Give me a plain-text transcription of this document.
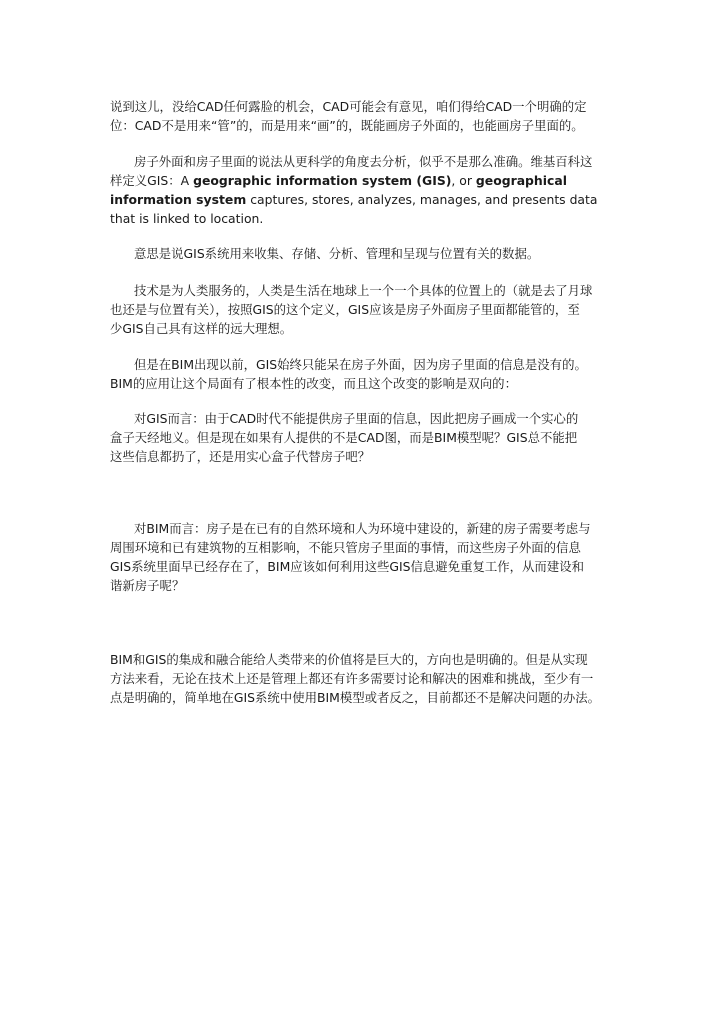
说到这儿，没给CAD任何露脸的机会，CAD可能会有意见，咱们得给CAD一个明确的定
位：CAD不是用来“管”的，而是用来“画”的，既能画房子外面的，也能画房子里面的。
房子外面和房子里面的说法从更科学的角度去分析，似乎不是那么准确。维基百科这
样定义GIS：A geographic information system (GIS), or geographical
information system captures, stores, analyzes, manages, and presents data
that is linked to location.
意思是说GIS系统用来收集、存储、分析、管理和呈现与位置有关的数据。
技术是为人类服务的，人类是生活在地球上一个一个具体的位置上的（就是去了月球
也还是与位置有关），按照GIS的这个定义，GIS应该是房子外面房子里面都能管的，至
少GIS自己具有这样的远大理想。
但是在BIM出现以前，GIS始终只能呆在房子外面，因为房子里面的信息是没有的。
BIM的应用让这个局面有了根本性的改变，而且这个改变的影响是双向的：
对GIS而言：由于CAD时代不能提供房子里面的信息，因此把房子画成一个实心的
盒子天经地义。但是现在如果有人提供的不是CAD图，而是BIM模型呢？GIS总不能把
这些信息都扔了，还是用实心盒子代替房子吧？
对BIM而言：房子是在已有的自然环境和人为环境中建设的，新建的房子需要考虑与
周围环境和已有建筑物的互相影响，不能只管房子里面的事情，而这些房子外面的信息
GIS系统里面早已经存在了，BIM应该如何利用这些GIS信息避免重复工作，从而建设和
谐新房子呢？
BIM和GIS的集成和融合能给人类带来的价值将是巨大的，方向也是明确的。但是从实现
方法来看，无论在技术上还是管理上都还有许多需要讨论和解决的困难和挑战，至少有一
点是明确的，简单地在GIS系统中使用BIM模型或者反之，目前都还不是解决问题的办法。
